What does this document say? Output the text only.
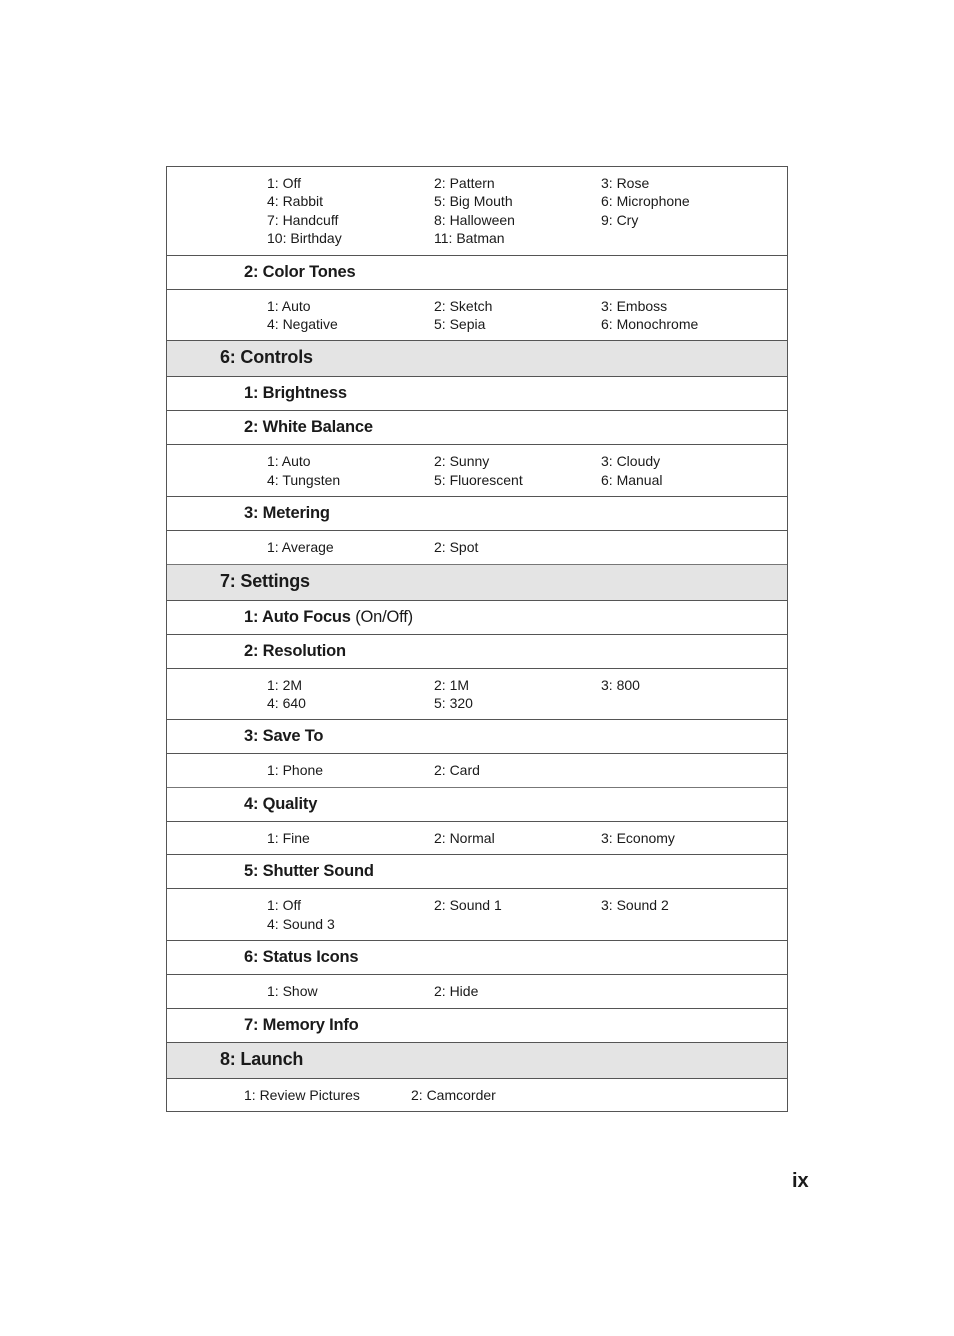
1: Off	2: Pattern	3: Rose
4: Rabbit	5: Big Mouth	6: Microphone
7: Handcuff	8: Halloween	9: Cry
10: Birthday	11: Batman
2: Color Tones
1: Auto	2: Sketch	3: Emboss
4: Negative	5: Sepia	6: Monochrome
6: Controls
1: Brightness
2: White Balance
1: Auto	2: Sunny	3: Cloudy
4: Tungsten	5: Fluorescent	6: Manual
3: Metering
1: Average	2: Spot
7: Settings
1: Auto Focus (On/Off)
2: Resolution
1: 2M	2: 1M	3: 800
4: 640	5: 320
3: Save To
1: Phone	2: Card
4: Quality
1: Fine	2: Normal	3: Economy
5: Shutter Sound
1: Off	2: Sound 1	3: Sound 2
4: Sound 3
6: Status Icons
1: Show	2: Hide
7: Memory Info
8: Launch
1: Review Pictures	2: Camcorder
ix
